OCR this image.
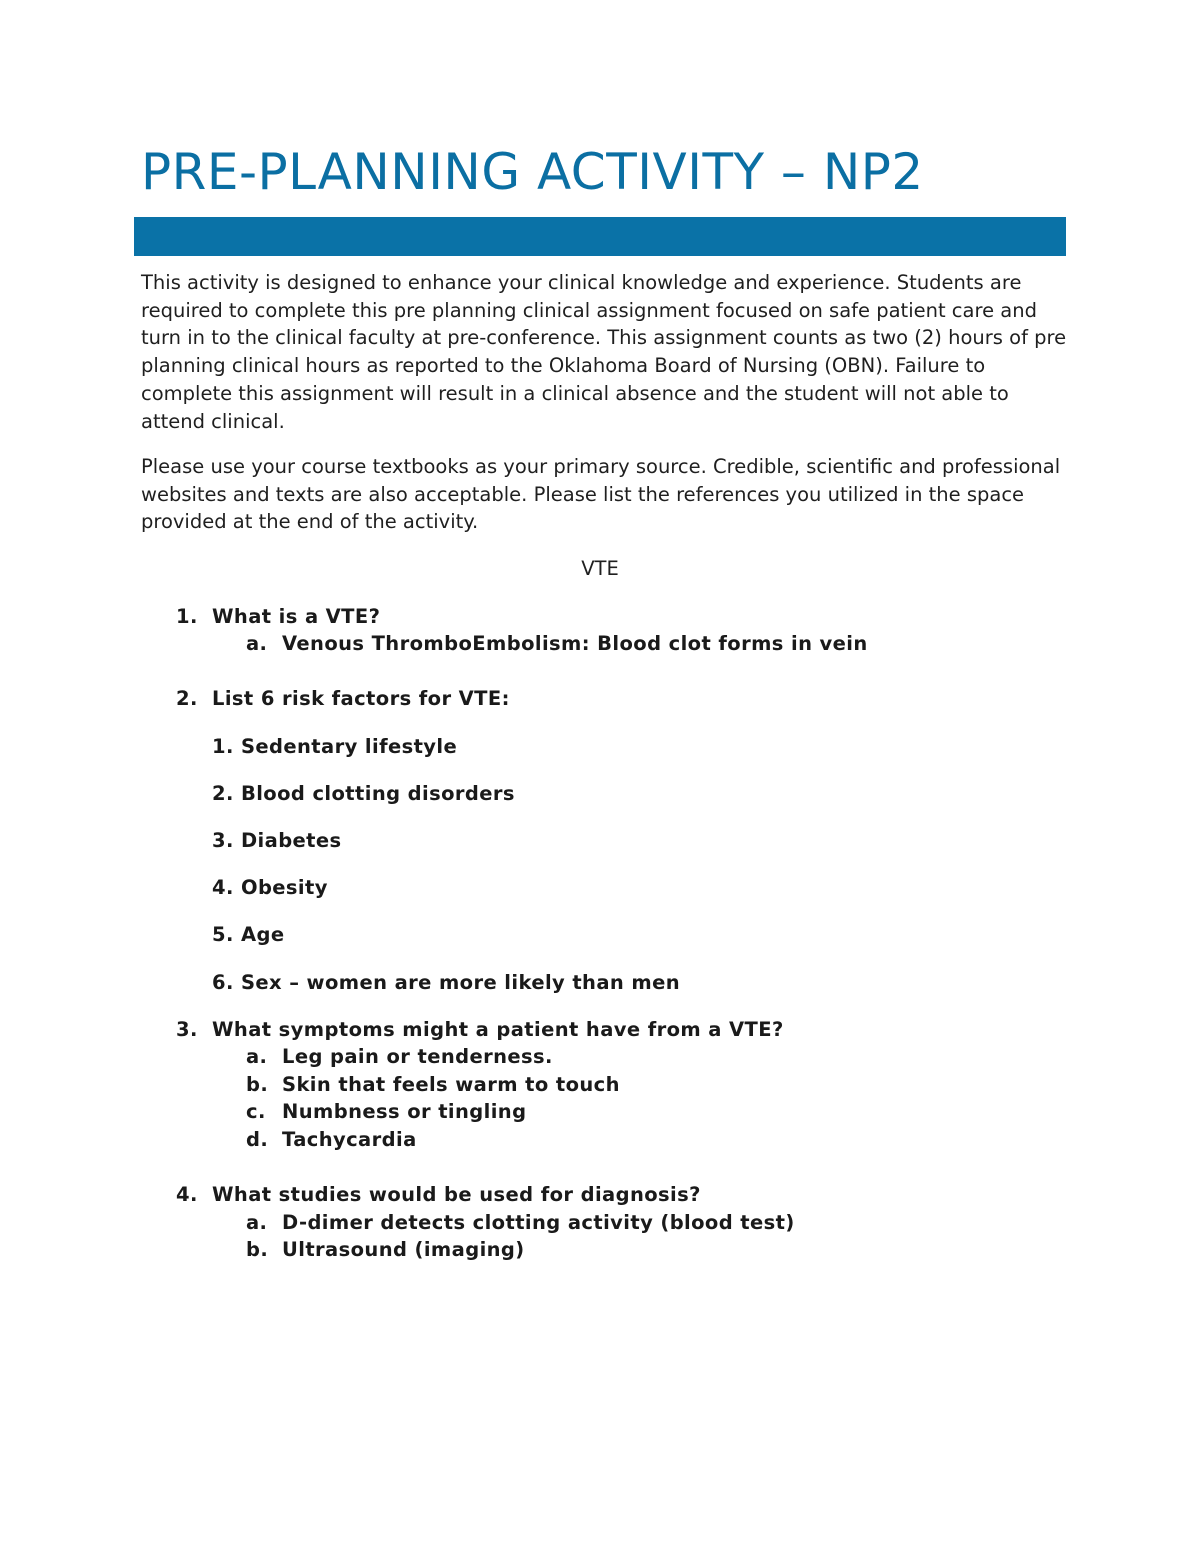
PRE-PLANNING ACTIVITY – NP2

This activity is designed to enhance your clinical knowledge and experience. Students are required to complete this pre planning clinical assignment focused on safe patient care and turn in to the clinical faculty at pre-conference. This assignment counts as two (2) hours of pre planning clinical hours as reported to the Oklahoma Board of Nursing (OBN). Failure to complete this assignment will result in a clinical absence and the student will not able to attend clinical.

Please use your course textbooks as your primary source. Credible, scientific and professional websites and texts are also acceptable. Please list the references you utilized in the space provided at the end of the activity.

VTE
1. What is a VTE?
a. Venous ThromboEmbolism: Blood clot forms in vein
2. List 6 risk factors for VTE:
1. Sedentary lifestyle
2. Blood clotting disorders
3. Diabetes
4. Obesity
5. Age
6. Sex – women are more likely than men
3. What symptoms might a patient have from a VTE?
a. Leg pain or tenderness.
b. Skin that feels warm to touch
c. Numbness or tingling
d. Tachycardia
4. What studies would be used for diagnosis?
a. D-dimer detects clotting activity (blood test)
b. Ultrasound (imaging)
